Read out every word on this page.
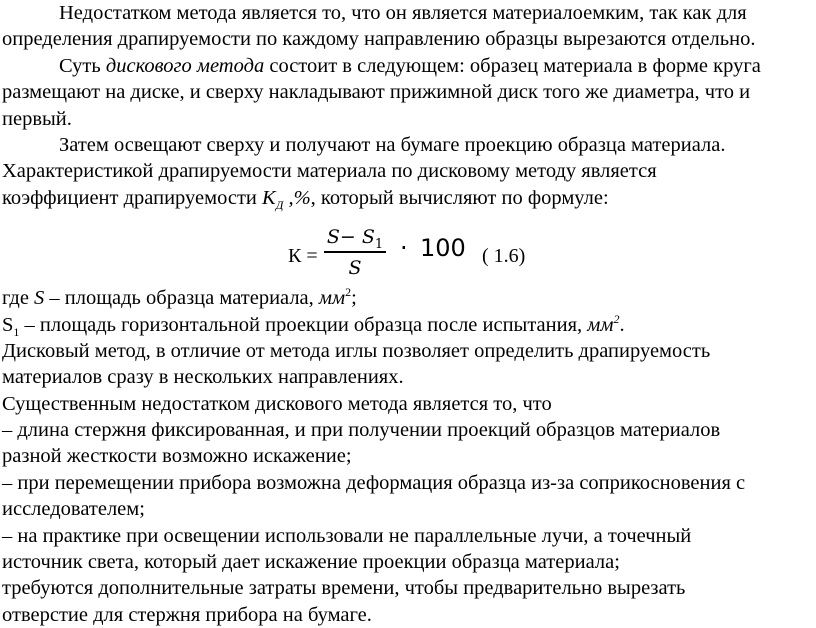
Недостатком метода является то, что он является материалоемким, так как для
определения драпируемости по каждому направлению образцы вырезаются отдельно.
Суть дискового метода состоит в следующем: образец материала в форме круга
размещают на диске, и сверху накладывают прижимной диск того же диаметра, что и
первый.
Затем освещают сверху и получают на бумаге проекцию образца материала.
Характеристикой драпируемости материала по дисковому методу является
коэффициент драпируемости $K_Д$ ,%, который вычисляют по формуле:
К =
$S- S_1$
S
· 100 ( 1.6)
где S – площадь образца материала, $мм^2$;
$S_1$ – площадь горизонтальной проекции образца после испытания, $мм^2$.
Дисковый метод, в отличие от метода иглы позволяет определить драпируемость
материалов сразу в нескольких направлениях.
Существенным недостатком дискового метода является то, что
– длина стержня фиксированная, и при получении проекций образцов материалов
разной жесткости возможно искажение;
– при перемещении прибора возможна деформация образца из-за соприкосновения с
исследователем;
– на практике при освещении использовали не параллельные лучи, а точечный
источник света, который дает искажение проекции образца материала;
требуются дополнительные затраты времени, чтобы предварительно вырезать
отверстие для стержня прибора на бумаге.
